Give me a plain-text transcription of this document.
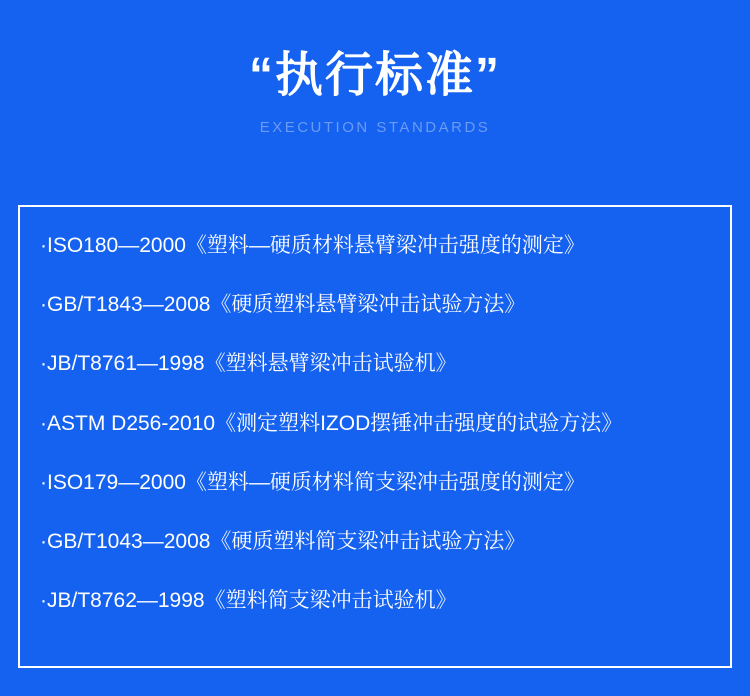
“执行标准”
EXECUTION STANDARDS
·ISO180—2000《塑料—硬质材料悬臂梁冲击强度的测定》
·GB/T1843—2008《硬质塑料悬臂梁冲击试验方法》
·JB/T8761—1998《塑料悬臂梁冲击试验机》
·ASTM D256-2010《测定塑料IZOD摆锤冲击强度的试验方法》
·ISO179—2000《塑料—硬质材料简支梁冲击强度的测定》
·GB/T1043—2008《硬质塑料简支梁冲击试验方法》
·JB/T8762—1998《塑料简支梁冲击试验机》
